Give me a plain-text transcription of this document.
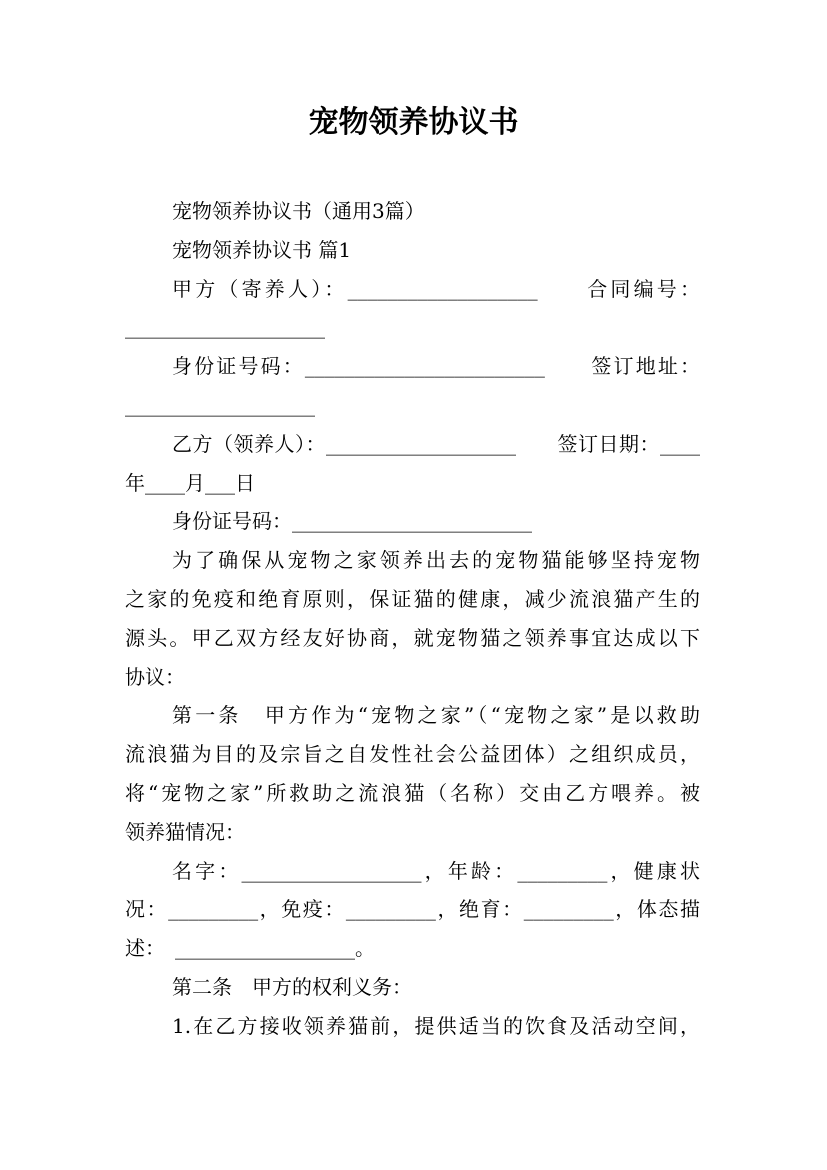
宠物领养协议书
宠物领养协议书（通用3篇）
宠物领养协议书 篇1
甲方（寄养人）：___________________　　合同编号：
____________________
身份证号码：________________________　　签订地址：
___________________
乙方（领养人）：___________________　　签订日期：____
年____月___日
身份证号码：________________________
为了确保从宠物之家领养出去的宠物猫能够坚持宠物
之家的免疫和绝育原则，保证猫的健康，减少流浪猫产生的
源头。甲乙双方经友好协商，就宠物猫之领养事宜达成以下
协议：
第一条　甲方作为“宠物之家”（“宠物之家”是以救助
流浪猫为目的及宗旨之自发性社会公益团体）之组织成员，
将“宠物之家”所救助之流浪猫（名称）交由乙方喂养。被
领养猫情况：
名字：__________________，年龄：_________，健康状
况：_________，免疫：_________，绝育：_________，体态描
述：　__________________。
第二条　甲方的权利义务：
1.在乙方接收领养猫前，提供适当的饮食及活动空间，
